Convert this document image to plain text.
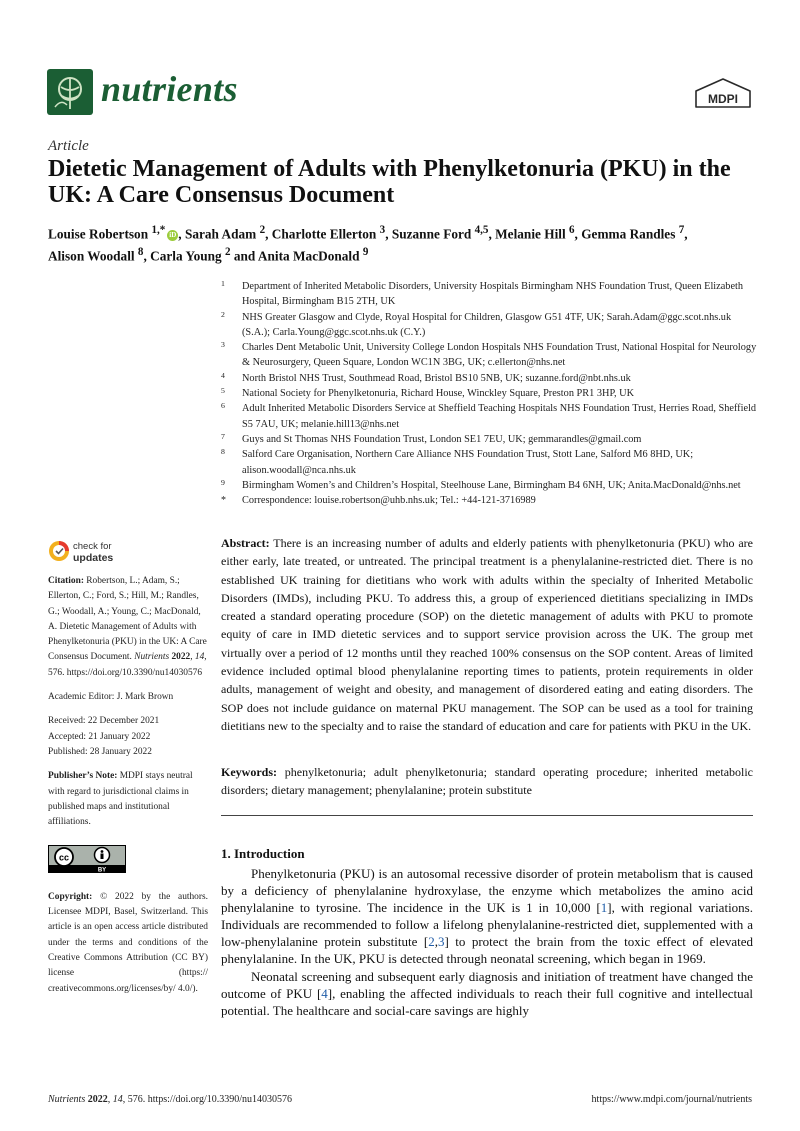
nutrients	MDPI
Article
Dietetic Management of Adults with Phenylketonuria (PKU) in the UK: A Care Consensus Document
Louise Robertson $^{1,*}$ iD , Sarah Adam $^2$, Charlotte Ellerton $^3$, Suzanne Ford $^{4,5}$, Melanie Hill $^6$, Gemma Randles $^7$,
Alison Woodall $^8$, Carla Young $^2$ and Anita MacDonald $^9$
1	Department of Inherited Metabolic Disorders, University Hospitals Birmingham NHS Foundation Trust, Queen Elizabeth Hospital, Birmingham B15 2TH, UK
2	NHS Greater Glasgow and Clyde, Royal Hospital for Children, Glasgow G51 4TF, UK; Sarah.Adam@ggc.scot.nhs.uk (S.A.); Carla.Young@ggc.scot.nhs.uk (C.Y.)
3	Charles Dent Metabolic Unit, University College London Hospitals NHS Foundation Trust, National Hospital for Neurology & Neurosurgery, Queen Square, London WC1N 3BG, UK; c.ellerton@nhs.net
4	North Bristol NHS Trust, Southmead Road, Bristol BS10 5NB, UK; suzanne.ford@nbt.nhs.uk
5	National Society for Phenylketonuria, Richard House, Winckley Square, Preston PR1 3HP, UK
6	Adult Inherited Metabolic Disorders Service at Sheffield Teaching Hospitals NHS Foundation Trust, Herries Road, Sheffield S5 7AU, UK; melanie.hill13@nhs.net
7	Guys and St Thomas NHS Foundation Trust, London SE1 7EU, UK; gemmarandles@gmail.com
8	Salford Care Organisation, Northern Care Alliance NHS Foundation Trust, Stott Lane, Salford M6 8HD, UK; alison.woodall@nca.nhs.uk
9	Birmingham Women’s and Children’s Hospital, Steelhouse Lane, Birmingham B4 6NH, UK; Anita.MacDonald@nhs.net
*	Correspondence: louise.robertson@uhb.nhs.uk; Tel.: +44-121-3716989
check for
updates
Citation: Robertson, L.; Adam, S.; Ellerton, C.; Ford, S.; Hill, M.; Randles, G.; Woodall, A.; Young, C.; MacDonald, A. Dietetic Management of Adults with Phenylketonuria (PKU) in the UK: A Care Consensus Document. Nutrients 2022, 14, 576. https://doi.org/10.3390/nu14030576
Academic Editor: J. Mark Brown
Received: 22 December 2021
Accepted: 21 January 2022
Published: 28 January 2022
Publisher’s Note: MDPI stays neutral with regard to jurisdictional claims in published maps and institutional affiliations.
cc
BY
Copyright: © 2022 by the authors. Licensee MDPI, Basel, Switzerland. This article is an open access article distributed under the terms and conditions of the Creative Commons Attribution (CC BY) license (https:// creativecommons.org/licenses/by/ 4.0/).
Abstract: There is an increasing number of adults and elderly patients with phenylketonuria (PKU) who are either early, late treated, or untreated. The principal treatment is a phenylalanine-restricted diet. There is no established UK training for dietitians who work with adults within the specialty of Inherited Metabolic Disorders (IMDs), including PKU. To address this, a group of experienced dietitians specializing in IMDs created a standard operating procedure (SOP) on the dietetic management of adults with PKU to promote equity of care in IMD dietetic services and to support service provision across the UK. The group met virtually over a period of 12 months until they reached 100% consensus on the SOP content. Areas of limited evidence included optimal blood phenylalanine reporting times to patients, protein requirements in older adults, management of weight and obesity, and management of disordered eating and eating disorders. The SOP does not include guidance on maternal PKU management. The SOP can be used as a tool for training dietitians new to the specialty and to raise the standard of education and care for patients with PKU in the UK.
Keywords: phenylketonuria; adult phenylketonuria; standard operating procedure; inherited metabolic disorders; dietary management; phenylalanine; protein substitute
1. Introduction

Phenylketonuria (PKU) is an autosomal recessive disorder of protein metabolism that is caused by a deficiency of phenylalanine hydroxylase, the enzyme which metabolizes the amino acid phenylalanine to tyrosine. The incidence in the UK is 1 in 10,000 [1], with regional variations. Individuals are recommended to follow a lifelong phenylalanine-restricted diet, supplemented with a low-phenylalanine protein substitute [2,3] to protect the brain from the toxic effect of elevated phenylalanine. In the UK, PKU is detected through neonatal screening, which began in 1969.

Neonatal screening and subsequent early diagnosis and initiation of treatment have changed the outcome of PKU [4], enabling the affected individuals to reach their full cognitive and intellectual potential. The healthcare and social-care savings are highly

Nutrients 2022, 14, 576. https://doi.org/10.3390/nu14030576	https://www.mdpi.com/journal/nutrients
